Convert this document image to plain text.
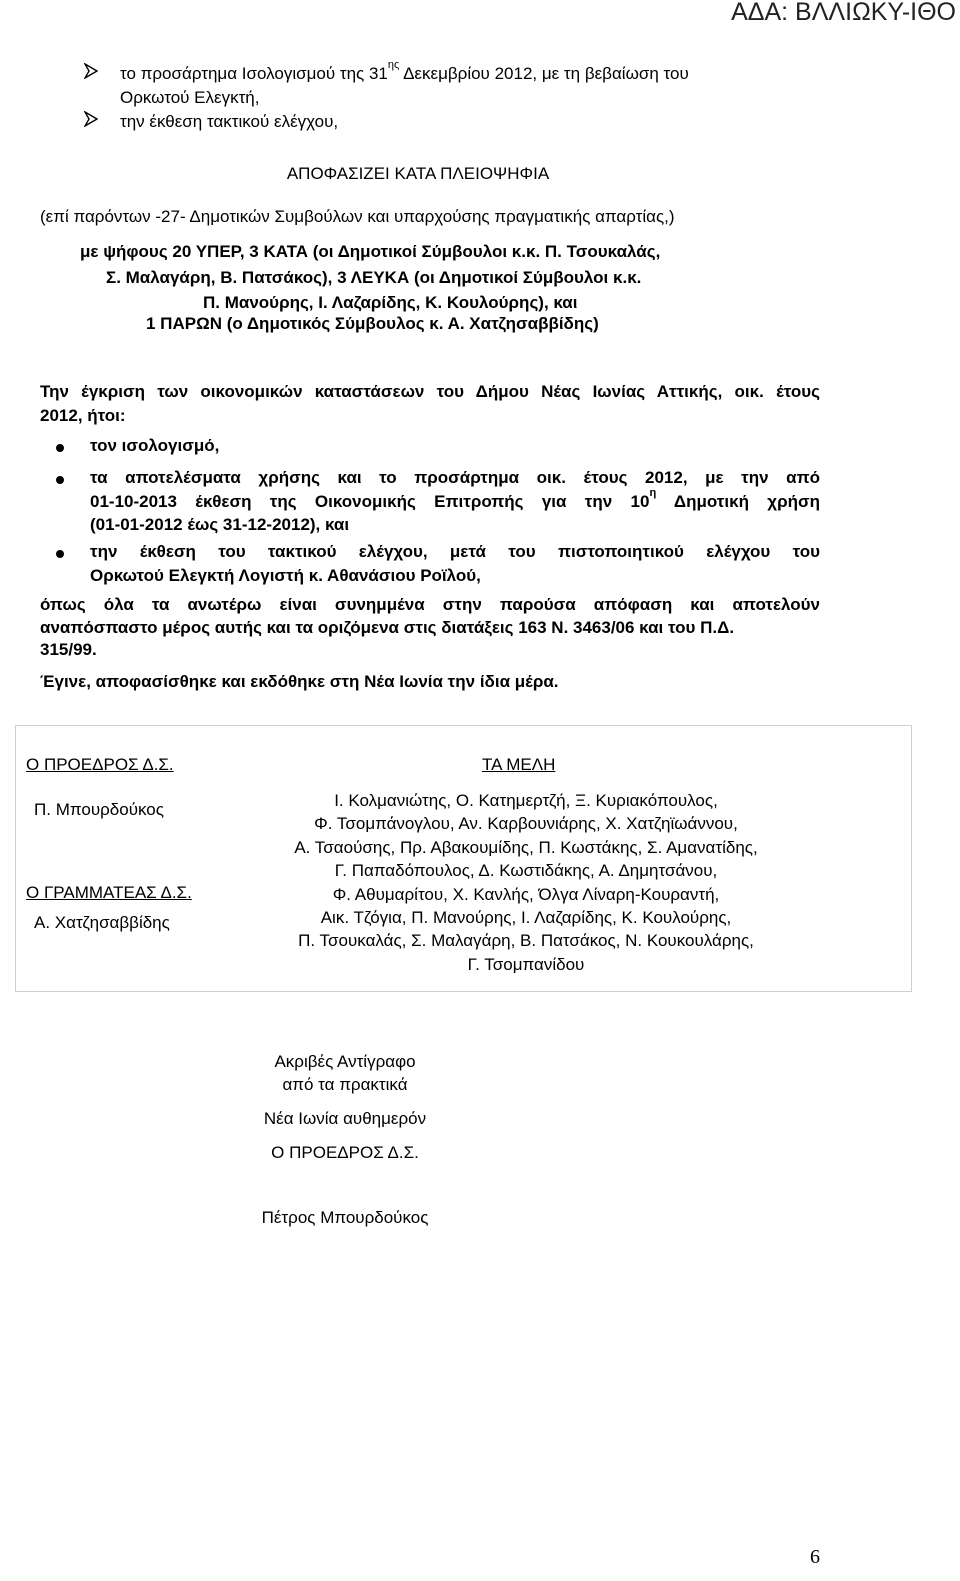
ΑΔΑ: ΒΛΛΙΩΚΥ-ΙΘΟ
το προσάρτημα Ισολογισμού της $31^{\eta\varsigma}$ Δεκεμβρίου 2012, με τη βεβαίωση του
Ορκωτού Ελεγκτή,
την έκθεση τακτικού ελέγχου,
ΑΠΟΦΑΣΙΖΕΙ ΚΑΤΑ ΠΛΕΙΟΨΗΦΙΑ
(επί παρόντων -27- Δημοτικών Συμβούλων και υπαρχούσης πραγματικής απαρτίας,)
με ψήφους 20 ΥΠΕΡ, 3 ΚΑΤΑ (οι Δημοτικοί Σύμβουλοι κ.κ. Π. Τσουκαλάς,
Σ. Μαλαγάρη, Β. Πατσάκος), 3 ΛΕΥΚΑ (οι Δημοτικοί Σύμβουλοι κ.κ.
Π. Μανούρης, Ι. Λαζαρίδης, Κ. Κουλούρης), και
1 ΠΑΡΩΝ (ο Δημοτικός Σύμβουλος κ. Α. Χατζησαββίδης)
Την έγκριση των οικονομικών καταστάσεων του Δήμου Νέας Ιωνίας Αττικής, οικ. έτους
2012, ήτοι:
τον ισολογισμό,
τα αποτελέσματα χρήσης και το προσάρτημα οικ. έτους 2012, με την από
01-10-2013 έκθεση της Οικονομικής Επιτροπής για την $10^\eta$ Δημοτική χρήση
(01-01-2012 έως 31-12-2012), και
την έκθεση του τακτικού ελέγχου, μετά του πιστοποιητικού ελέγχου του
Ορκωτού Ελεγκτή Λογιστή κ. Αθανάσιου Ροϊλού,
όπως όλα τα ανωτέρω είναι συνημμένα στην παρούσα απόφαση και αποτελούν
αναπόσπαστο μέρος αυτής και τα οριζόμενα στις διατάξεις 163 Ν. 3463/06 και του Π.Δ.
315/99.
Έγινε, αποφασίσθηκε και εκδόθηκε στη Νέα Ιωνία την ίδια μέρα.
Ο ΠΡΟΕΔΡΟΣ Δ.Σ.
Π. Μπουρδούκος
Ο ΓΡΑΜΜΑΤΕΑΣ Δ.Σ.
Α. Χατζησαββίδης
ΤΑ ΜΕΛΗ
Ι. Κολμανιώτης, Ο. Κατημερτζή, Ξ. Κυριακόπουλος,
Φ. Τσομπάνογλου, Αν. Καρβουνιάρης, Χ. Χατζηϊωάννου,
Α. Τσαούσης, Πρ. Αβακουμίδης, Π. Κωστάκης, Σ. Αμανατίδης,
Γ. Παπαδόπουλος, Δ. Κωστιδάκης, Α. Δημητσάνου,
Φ. Αθυμαρίτου, Χ. Κανλής, Όλγα Λίναρη-Κουραντή,
Αικ. Τζόγια, Π. Μανούρης, Ι. Λαζαρίδης, Κ. Κουλούρης,
Π. Τσουκαλάς, Σ. Μαλαγάρη, Β. Πατσάκος, Ν. Κουκουλάρης,
Γ. Τσομπανίδου
Ακριβές Αντίγραφο
από τα πρακτικά
Νέα Ιωνία αυθημερόν
Ο ΠΡΟΕΔΡΟΣ Δ.Σ.
Πέτρος Μπουρδούκος
6
